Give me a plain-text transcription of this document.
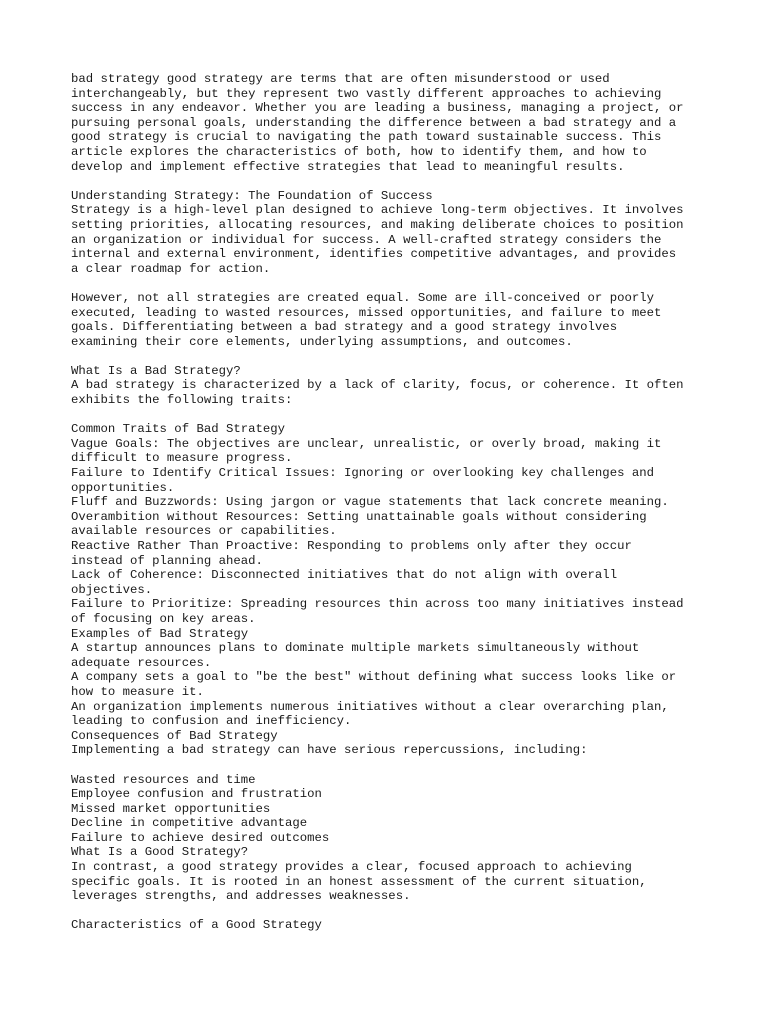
bad strategy good strategy are terms that are often misunderstood or used
interchangeably, but they represent two vastly different approaches to achieving
success in any endeavor. Whether you are leading a business, managing a project, or
pursuing personal goals, understanding the difference between a bad strategy and a
good strategy is crucial to navigating the path toward sustainable success. This
article explores the characteristics of both, how to identify them, and how to
develop and implement effective strategies that lead to meaningful results.
Understanding Strategy: The Foundation of Success
Strategy is a high-level plan designed to achieve long-term objectives. It involves
setting priorities, allocating resources, and making deliberate choices to position
an organization or individual for success. A well-crafted strategy considers the
internal and external environment, identifies competitive advantages, and provides
a clear roadmap for action.
However, not all strategies are created equal. Some are ill-conceived or poorly
executed, leading to wasted resources, missed opportunities, and failure to meet
goals. Differentiating between a bad strategy and a good strategy involves
examining their core elements, underlying assumptions, and outcomes.
What Is a Bad Strategy?
A bad strategy is characterized by a lack of clarity, focus, or coherence. It often
exhibits the following traits:
Common Traits of Bad Strategy
Vague Goals: The objectives are unclear, unrealistic, or overly broad, making it
difficult to measure progress.
Failure to Identify Critical Issues: Ignoring or overlooking key challenges and
opportunities.
Fluff and Buzzwords: Using jargon or vague statements that lack concrete meaning.
Overambition without Resources: Setting unattainable goals without considering
available resources or capabilities.
Reactive Rather Than Proactive: Responding to problems only after they occur
instead of planning ahead.
Lack of Coherence: Disconnected initiatives that do not align with overall
objectives.
Failure to Prioritize: Spreading resources thin across too many initiatives instead
of focusing on key areas.
Examples of Bad Strategy
A startup announces plans to dominate multiple markets simultaneously without
adequate resources.
A company sets a goal to "be the best" without defining what success looks like or
how to measure it.
An organization implements numerous initiatives without a clear overarching plan,
leading to confusion and inefficiency.
Consequences of Bad Strategy
Implementing a bad strategy can have serious repercussions, including:
Wasted resources and time
Employee confusion and frustration
Missed market opportunities
Decline in competitive advantage
Failure to achieve desired outcomes
What Is a Good Strategy?
In contrast, a good strategy provides a clear, focused approach to achieving
specific goals. It is rooted in an honest assessment of the current situation,
leverages strengths, and addresses weaknesses.
Characteristics of a Good Strategy
